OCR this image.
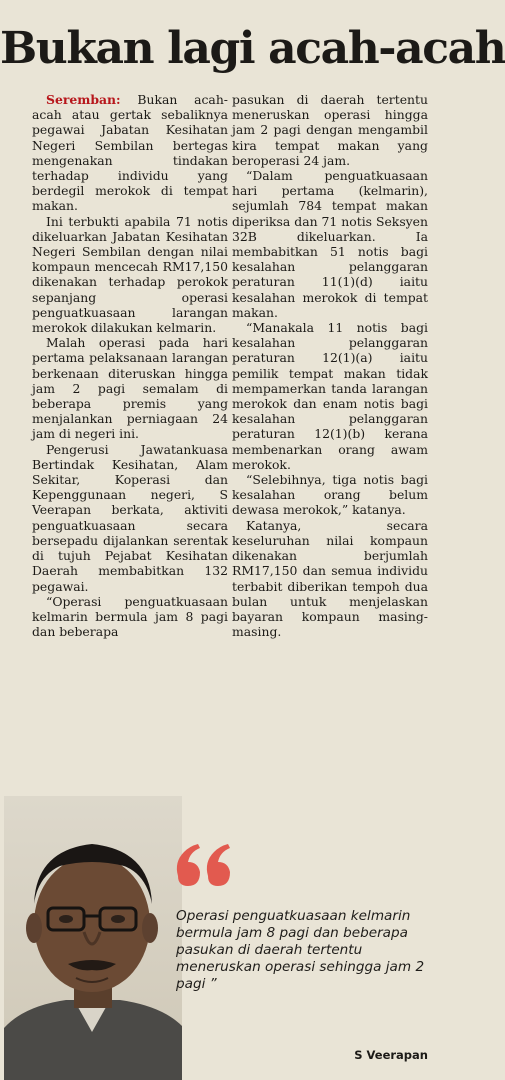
Bukan lagi acah-acah

Seremban: Bukan acah-acah atau gertak sebaliknya pegawai Jabatan Kesihatan Negeri Sembilan bertegas mengenakan tindakan terhadap individu yang berdegil merokok di tempat makan.

Ini terbukti apabila 71 notis dikeluarkan Jabatan Kesihatan Negeri Sembilan dengan nilai kompaun mencecah RM17,150 dikenakan terhadap perokok sepanjang operasi penguatkuasaan larangan merokok dilakukan kelmarin.

Malah operasi pada hari pertama pelaksanaan larangan berkenaan diteruskan hingga jam 2 pagi semalam di beberapa premis yang menjalankan perniagaan 24 jam di negeri ini.

Pengerusi Jawatankuasa Bertindak Kesihatan, Alam Sekitar, Koperasi dan Kepenggunaan negeri, S Veerapan berkata, aktiviti penguatkuasaan secara bersepadu dijalankan serentak di tujuh Pejabat Kesihatan Daerah membabitkan 132 pegawai.

“Operasi penguatkuasaan kelmarin bermula jam 8 pagi dan beberapa

pasukan di daerah tertentu meneruskan operasi hingga jam 2 pagi dengan mengambil kira tempat makan yang beroperasi 24 jam.

“Dalam penguatkuasaan hari pertama (kelmarin), sejumlah 784 tempat makan diperiksa dan 71 notis Seksyen 32B dikeluarkan. Ia membabitkan 51 notis bagi kesalahan pelanggaran peraturan 11(1)(d) iaitu kesalahan merokok di tempat makan.

“Manakala 11 notis bagi kesalahan pelanggaran peraturan 12(1)(a) iaitu pemilik tempat makan tidak mempamerkan tanda larangan merokok dan enam notis bagi kesalahan pelanggaran peraturan 12(1)(b) kerana membenarkan orang awam merokok.

“Selebihnya, tiga notis bagi kesalahan orang belum dewasa merokok,” katanya.

Katanya, secara keseluruhan nilai kompaun dikenakan berjumlah RM17,150 dan semua individu terbabit diberikan tempoh dua bulan untuk menjelaskan bayaran kompaun masing-masing.

Operasi penguatkuasaan kelmarin bermula jam 8 pagi dan beberapa pasukan di daerah tertentu meneruskan operasi sehingga jam 2 pagi ”
S Veerapan
